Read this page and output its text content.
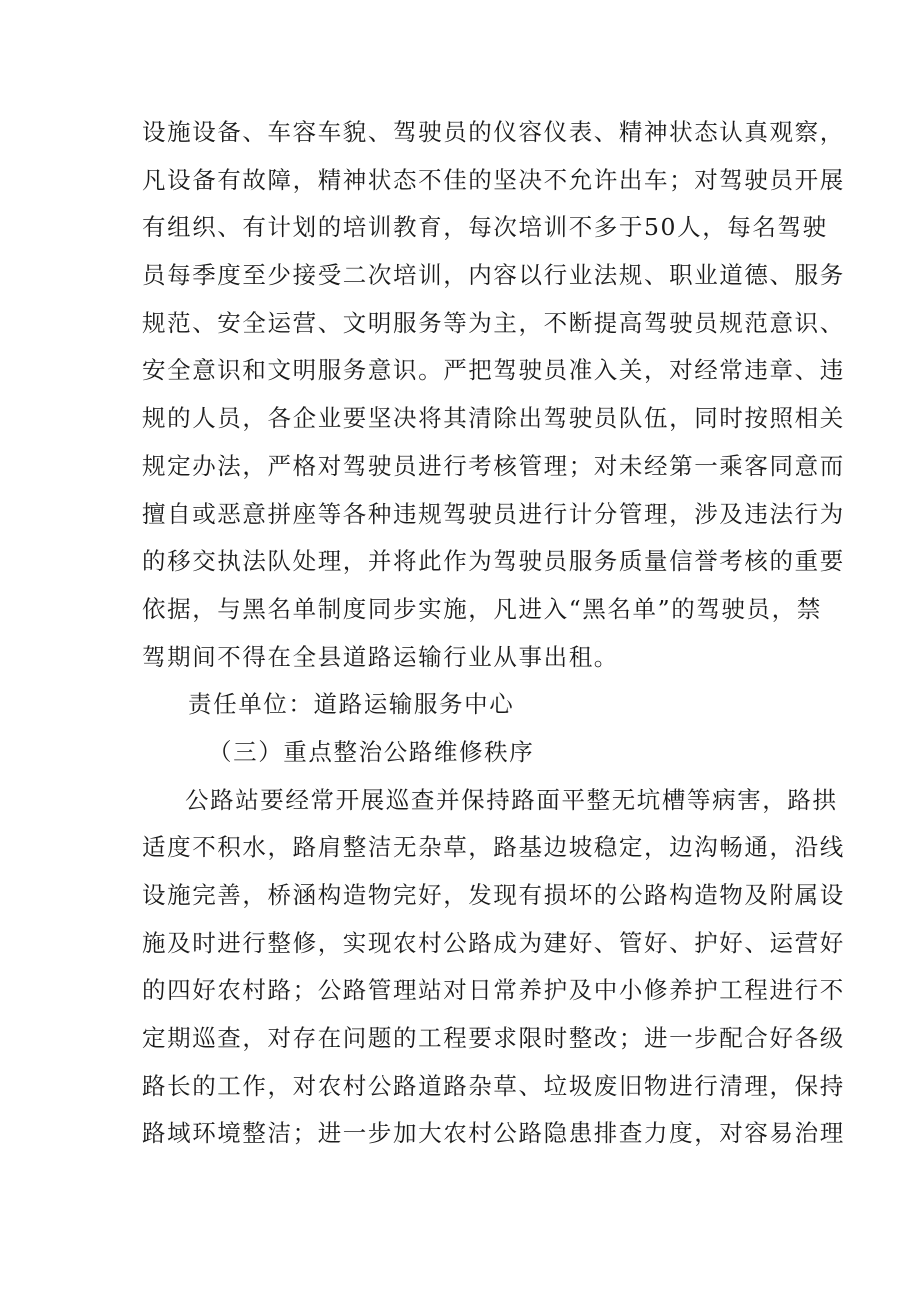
设施设备、车容车貌、驾驶员的仪容仪表、精神状态认真观察，
凡设备有故障，精神状态不佳的坚决不允许出车；对驾驶员开展
有组织、有计划的培训教育，每次培训不多于50人，每名驾驶
员每季度至少接受二次培训，内容以行业法规、职业道德、服务
规范、安全运营、文明服务等为主，不断提高驾驶员规范意识、
安全意识和文明服务意识。严把驾驶员准入关，对经常违章、违
规的人员，各企业要坚决将其清除出驾驶员队伍，同时按照相关
规定办法，严格对驾驶员进行考核管理；对未经第一乘客同意而
擅自或恶意拼座等各种违规驾驶员进行计分管理，涉及违法行为
的移交执法队处理，并将此作为驾驶员服务质量信誉考核的重要
依据，与黑名单制度同步实施，凡进入“黑名单”的驾驶员，禁
驾期间不得在全县道路运输行业从事出租。
责任单位：道路运输服务中心
（三）重点整治公路维修秩序
公路站要经常开展巡查并保持路面平整无坑槽等病害，路拱
适度不积水，路肩整洁无杂草，路基边坡稳定，边沟畅通，沿线
设施完善，桥涵构造物完好，发现有损坏的公路构造物及附属设
施及时进行整修，实现农村公路成为建好、管好、护好、运营好
的四好农村路；公路管理站对日常养护及中小修养护工程进行不
定期巡查，对存在问题的工程要求限时整改；进一步配合好各级
路长的工作，对农村公路道路杂草、垃圾废旧物进行清理，保持
路域环境整洁；进一步加大农村公路隐患排查力度，对容易治理
